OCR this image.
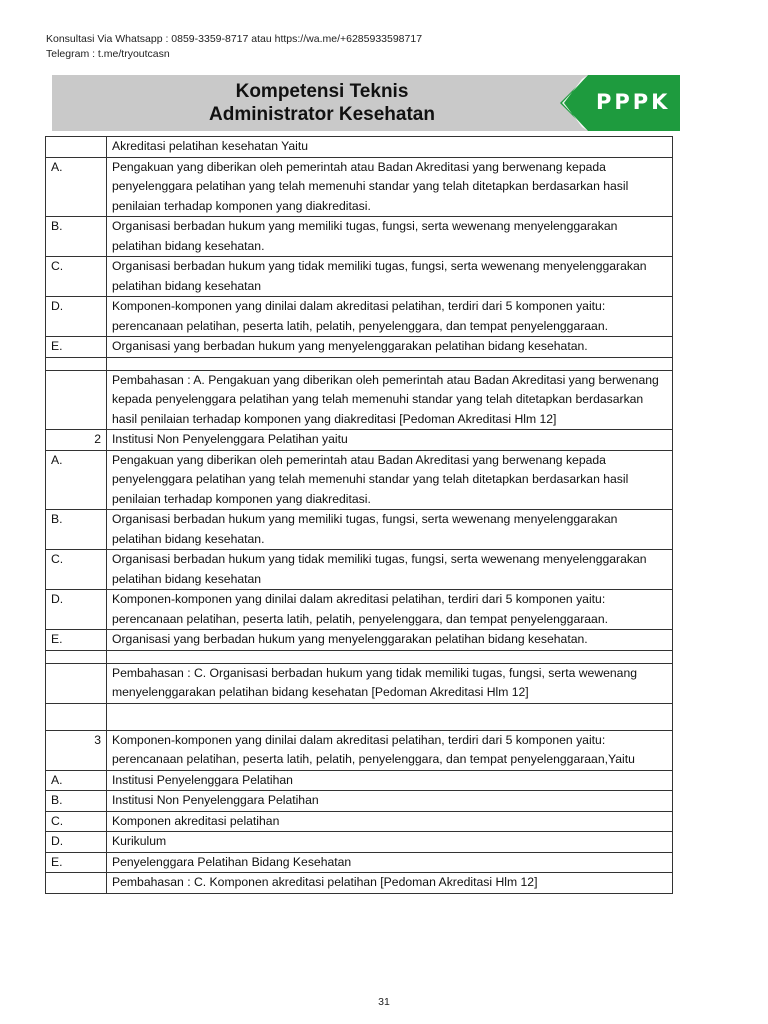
Konsultasi Via Whatsapp : 0859-3359-8717 atau https://wa.me/+6285933598717
Telegram : t.me/tryoutcasn
Kompetensi Teknis
Administrator Kesehatan
PPPK
	Akreditasi pelatihan kesehatan Yaitu
A.	Pengakuan yang diberikan oleh pemerintah atau Badan Akreditasi yang berwenang kepada penyelenggara pelatihan yang telah memenuhi standar yang telah ditetapkan berdasarkan hasil penilaian terhadap komponen yang diakreditasi.
B.	Organisasi berbadan hukum yang memiliki tugas, fungsi, serta wewenang menyelenggarakan pelatihan bidang kesehatan.
C.	Organisasi berbadan hukum yang tidak memiliki tugas, fungsi, serta wewenang menyelenggarakan pelatihan bidang kesehatan
D.	Komponen-komponen yang dinilai dalam akreditasi pelatihan, terdiri dari 5 komponen yaitu: perencanaan pelatihan, peserta latih, pelatih, penyelenggara, dan tempat penyelenggaraan.
E.	Organisasi yang berbadan hukum yang menyelenggarakan pelatihan bidang kesehatan.

	Pembahasan : A. Pengakuan yang diberikan oleh pemerintah atau Badan Akreditasi yang berwenang kepada penyelenggara pelatihan yang telah memenuhi standar yang telah ditetapkan berdasarkan hasil penilaian terhadap komponen yang diakreditasi [Pedoman Akreditasi Hlm 12]
2	Institusi Non Penyelenggara Pelatihan yaitu
A.	Pengakuan yang diberikan oleh pemerintah atau Badan Akreditasi yang berwenang kepada penyelenggara pelatihan yang telah memenuhi standar yang telah ditetapkan berdasarkan hasil penilaian terhadap komponen yang diakreditasi.
B.	Organisasi berbadan hukum yang memiliki tugas, fungsi, serta wewenang menyelenggarakan pelatihan bidang kesehatan.
C.	Organisasi berbadan hukum yang tidak memiliki tugas, fungsi, serta wewenang menyelenggarakan pelatihan bidang kesehatan
D.	Komponen-komponen yang dinilai dalam akreditasi pelatihan, terdiri dari 5 komponen yaitu: perencanaan pelatihan, peserta latih, pelatih, penyelenggara, dan tempat penyelenggaraan.
E.	Organisasi yang berbadan hukum yang menyelenggarakan pelatihan bidang kesehatan.

	Pembahasan : C. Organisasi berbadan hukum yang tidak memiliki tugas, fungsi, serta wewenang menyelenggarakan pelatihan bidang kesehatan [Pedoman Akreditasi Hlm 12]

3	Komponen-komponen yang dinilai dalam akreditasi pelatihan, terdiri dari 5 komponen yaitu: perencanaan pelatihan, peserta latih, pelatih, penyelenggara, dan tempat penyelenggaraan,Yaitu
A.	Institusi Penyelenggara Pelatihan
B.	Institusi Non Penyelenggara Pelatihan
C.	Komponen akreditasi pelatihan
D.	Kurikulum
E.	Penyelenggara Pelatihan Bidang Kesehatan
	Pembahasan : C. Komponen akreditasi pelatihan [Pedoman Akreditasi Hlm 12]
31
